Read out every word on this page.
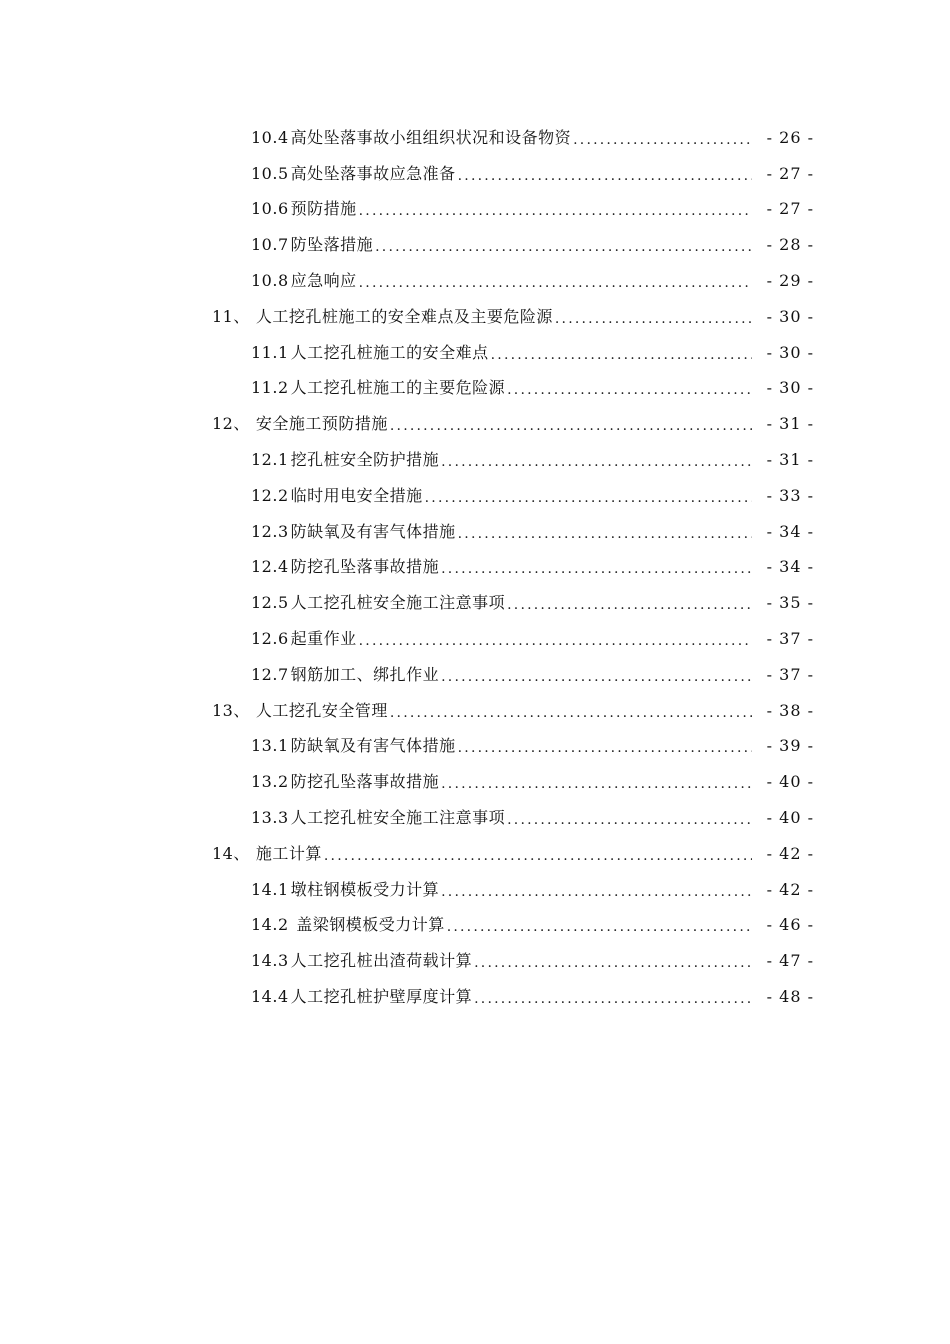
10.4 高处坠落事故小组组织状况和设备物资 .....	- 26 -
10.5 高处坠落事故应急准备 .....	- 27 -
10.6 预防措施 .....	- 27 -
10.7 防坠落措施 .....	- 28 -
10.8 应急响应 .....	- 29 -
11、 人工挖孔桩施工的安全难点及主要危险源 .....	- 30 -
11.1 人工挖孔桩施工的安全难点 .....	- 30 -
11.2 人工挖孔桩施工的主要危险源 .....	- 30 -
12、 安全施工预防措施 .....	- 31 -
12.1 挖孔桩安全防护措施 .....	- 31 -
12.2 临时用电安全措施 .....	- 33 -
12.3 防缺氧及有害气体措施 .....	- 34 -
12.4 防挖孔坠落事故措施 .....	- 34 -
12.5 人工挖孔桩安全施工注意事项 .....	- 35 -
12.6 起重作业 .....	- 37 -
12.7 钢筋加工、绑扎作业 .....	- 37 -
13、 人工挖孔安全管理 .....	- 38 -
13.1 防缺氧及有害气体措施 .....	- 39 -
13.2 防挖孔坠落事故措施 .....	- 40 -
13.3 人工挖孔桩安全施工注意事项 .....	- 40 -
14、 施工计算 .....	- 42 -
14.1 墩柱钢模板受力计算 .....	- 42 -
14.2 盖梁钢模板受力计算 .....	- 46 -
14.3 人工挖孔桩出渣荷载计算 .....	- 47 -
14.4 人工挖孔桩护壁厚度计算 .....	- 48 -
